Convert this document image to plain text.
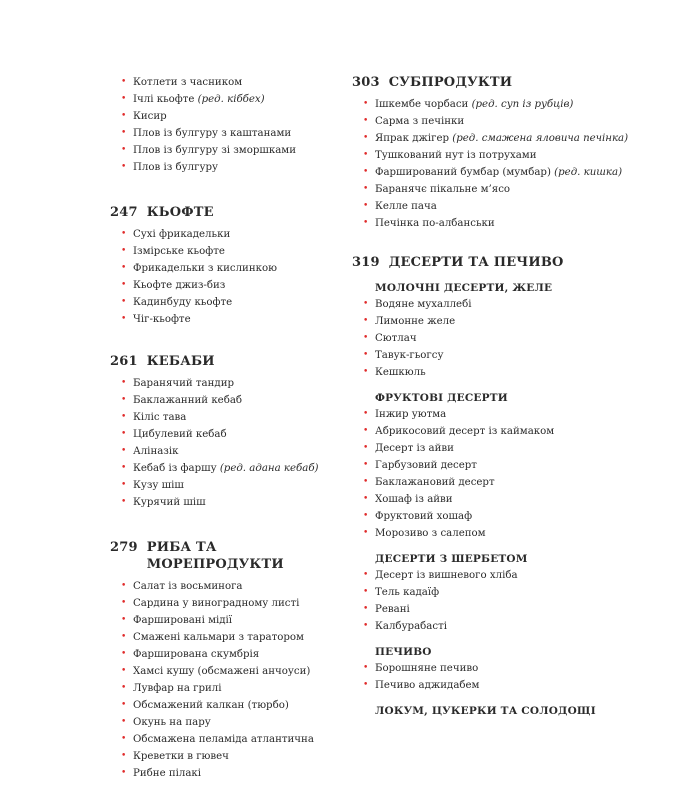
• Котлети з часником
• Ічлі кьофте (ред. кіббех)
• Кисир
• Плов із булгуру з каштанами
• Плов із булгуру зі зморшками
• Плов із булгуру
247 КЬОФТЕ
• Сухі фрикадельки
• Ізмірське кьофте
• Фрикадельки з кислинкою
• Кьофте джиз-биз
• Кадинбуду кьофте
• Чіг-кьофте
261 КЕБАБИ
• Баранячий тандир
• Баклажанний кебаб
• Кіліс тава
• Цибулевий кебаб
• Аліназік
• Кебаб із фаршу (ред. адана кебаб)
• Кузу шіш
• Курячий шіш
279 РИБА ТА МОРЕПРОДУКТИ
• Салат із восьминога
• Сардина у виноградному листі
• Фаршировані мідії
• Смажені кальмари з таратором
• Фарширована скумбрія
• Хамсі кушу (обсмажені анчоуси)
• Лувфар на грилі
• Обсмажений калкан (тюрбо)
• Окунь на пару
• Обсмажена пеламіда атлантична
• Креветки в гювеч
• Рибне пілакі
303 СУБПРОДУКТИ
• Ішкембе чорбаси (ред. суп із рубців)
• Сарма з печінки
• Япрак джігер (ред. смажена яловича печінка)
• Тушкований нут із потрухами
• Фарширований бумбар (мумбар) (ред. кишка)
• Баранячє пікальне м’ясо
• Келле пача
• Печінка по-албанськи
319 ДЕСЕРТИ ТА ПЕЧИВО
МОЛОЧНІ ДЕСЕРТИ, ЖЕЛЕ
• Водяне мухаллебі
• Лимонне желе
• Сютлач
• Тавук-гьогсу
• Кешкюль
ФРУКТОВІ ДЕСЕРТИ
• Інжир уютма
• Абрикосовий десерт із каймаком
• Десерт із айви
• Гарбузовий десерт
• Баклажановий десерт
• Хошаф із айви
• Фруктовий хошаф
• Морозиво з салепом
ДЕСЕРТИ З ШЕРБЕТОМ
• Десерт із вишневого хліба
• Тель кадаїф
• Ревані
• Калбурабасті
ПЕЧИВО
• Борошняне печиво
• Печиво аджидабем
ЛОКУМ, ЦУКЕРКИ ТА СОЛОДОЩІ
